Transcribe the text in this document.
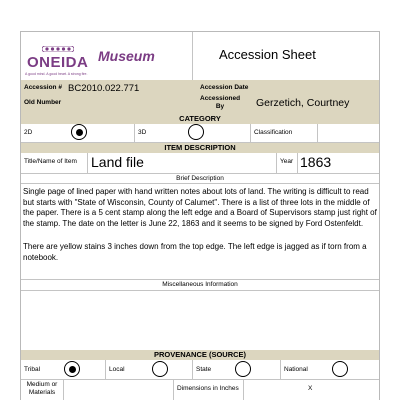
ONEIDA
A good mind. A good heart. A strong fire.
Museum	Accession Sheet
Accession # BC2010.022.771	Accession Date
Old Number
Accessioned
By	Gerzetich, Courtney
CATEGORY
2D	3D	Classification
ITEM DESCRIPTION
Title/Name of Item Land file	Year 1863
Brief Description
Single page of lined paper with hand written notes about lots of land. The writing is difficult to read but starts with "State of Wisconsin, County of Calumet". There is a list of three lots in the middle of the paper. There is a 5 cent stamp along the left edge and a Board of Supervisors stamp just right of the stamp. The date on the letter is June 22, 1863 and it seems to be signed by Ford Ostenfeldt.
There are yellow stains 3 inches down from the top edge. The left edge is jagged as if torn from a notebook.
Miscellaneous Information
PROVENANCE (SOURCE)
Tribal	Local	State	National
Medium or
Materials	Dimensions in Inches	X
